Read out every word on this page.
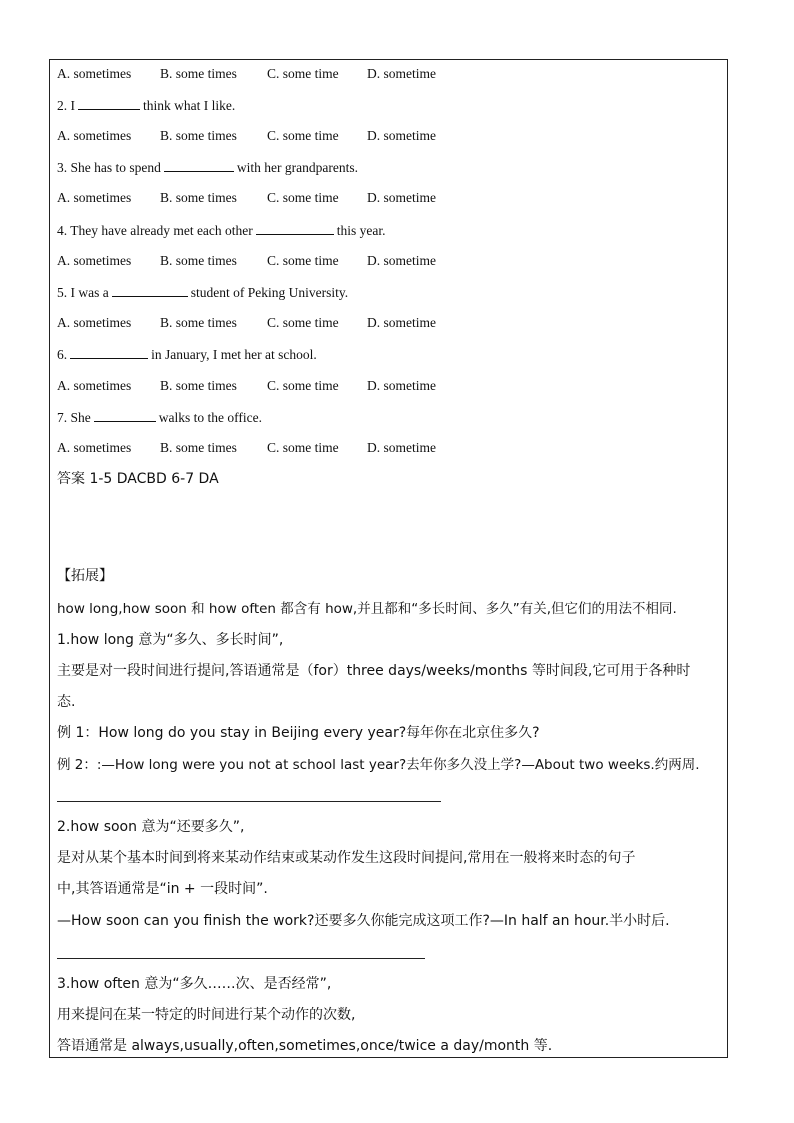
A. sometimes B. some times C. some time D. sometime
2. I	think what I like.
A. sometimes B. some times C. some time D. sometime
3. She has to spend	with her grandparents.
A. sometimes B. some times C. some time D. sometime
4. They have already met each other	this year.
A. sometimes B. some times C. some time D. sometime
5. I was a	student of Peking University.
A. sometimes B. some times C. some time D. sometime
6.	in January, I met her at school.
A. sometimes B. some times C. some time D. sometime
7. She	walks to the office.
A. sometimes B. some times C. some time D. sometime
答案 1-5 DACBD 6-7 DA
【拓展】
how long,how soon 和 how often 都含有 how,并且都和“多长时间、多久”有关,但它们的用法不相同.
1.how long 意为“多久、多长时间”,
主要是对一段时间进行提问,答语通常是（for）three days/weeks/months 等时间段,它可用于各种时
态.
例 1：How long do you stay in Beijing every year?每年你在北京住多久?
例 2：:—How long were you not at school last year?去年你多久没上学?—About two weeks.约两周.
2.how soon 意为“还要多久”,
是对从某个基本时间到将来某动作结束或某动作发生这段时间提问,常用在一般将来时态的句子
中,其答语通常是“in + 一段时间”.
—How soon can you finish the work?还要多久你能完成这项工作?—In half an hour.半小时后.
3.how often 意为“多久……次、是否经常”,
用来提问在某一特定的时间进行某个动作的次数,
答语通常是 always,usually,often,sometimes,once/twice a day/month 等.
